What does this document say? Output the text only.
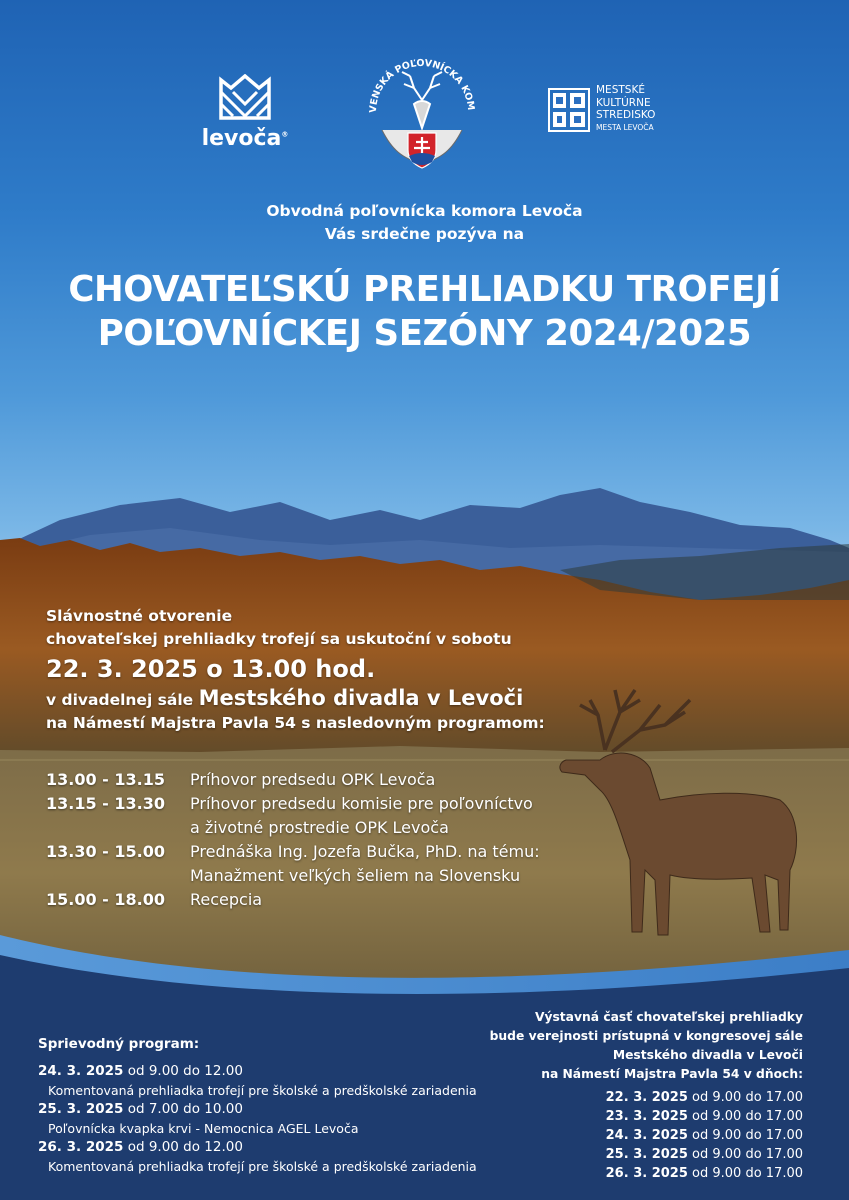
levoča®
VENSKÁ POĽOVNÍCKA KOM
MESTSKÉ
KULTÚRNE
STREDISKO
MESTA LEVOČA
Obvodná poľovnícka komora Levoča
Vás srdečne pozýva na
CHOVATEĽSKÚ PREHLIADKU TROFEJÍ
POĽOVNÍCKEJ SEZÓNY 2024/2025
Slávnostné otvorenie
chovateľskej prehliadky trofejí sa uskutoční v sobotu
22. 3. 2025 o 13.00 hod.
v divadelnej sále Mestského divadla v Levoči
na Námestí Majstra Pavla 54 s nasledovným programom:
13.00 - 13.15	Príhovor predsedu OPK Levoča
13.15 - 13.30	Príhovor predsedu komisie pre poľovníctvo
	a životné prostredie OPK Levoča
13.30 - 15.00	Prednáška Ing. Jozefa Bučka, PhD. na tému:
	Manažment veľkých šeliem na Slovensku
15.00 - 18.00	Recepcia
Sprievodný program:
24. 3. 2025 od 9.00 do 12.00
Komentovaná prehliadka trofejí pre školské a predškolské zariadenia
25. 3. 2025 od 7.00 do 10.00
Poľovnícka kvapka krvi - Nemocnica AGEL Levoča
26. 3. 2025 od 9.00 do 12.00
Komentovaná prehliadka trofejí pre školské a predškolské zariadenia
Výstavná časť chovateľskej prehliadky
bude verejnosti prístupná v kongresovej sále
Mestského divadla v Levoči
na Námestí Majstra Pavla 54 v dňoch:
22. 3. 2025 od 9.00 do 17.00
23. 3. 2025 od 9.00 do 17.00
24. 3. 2025 od 9.00 do 17.00
25. 3. 2025 od 9.00 do 17.00
26. 3. 2025 od 9.00 do 17.00
